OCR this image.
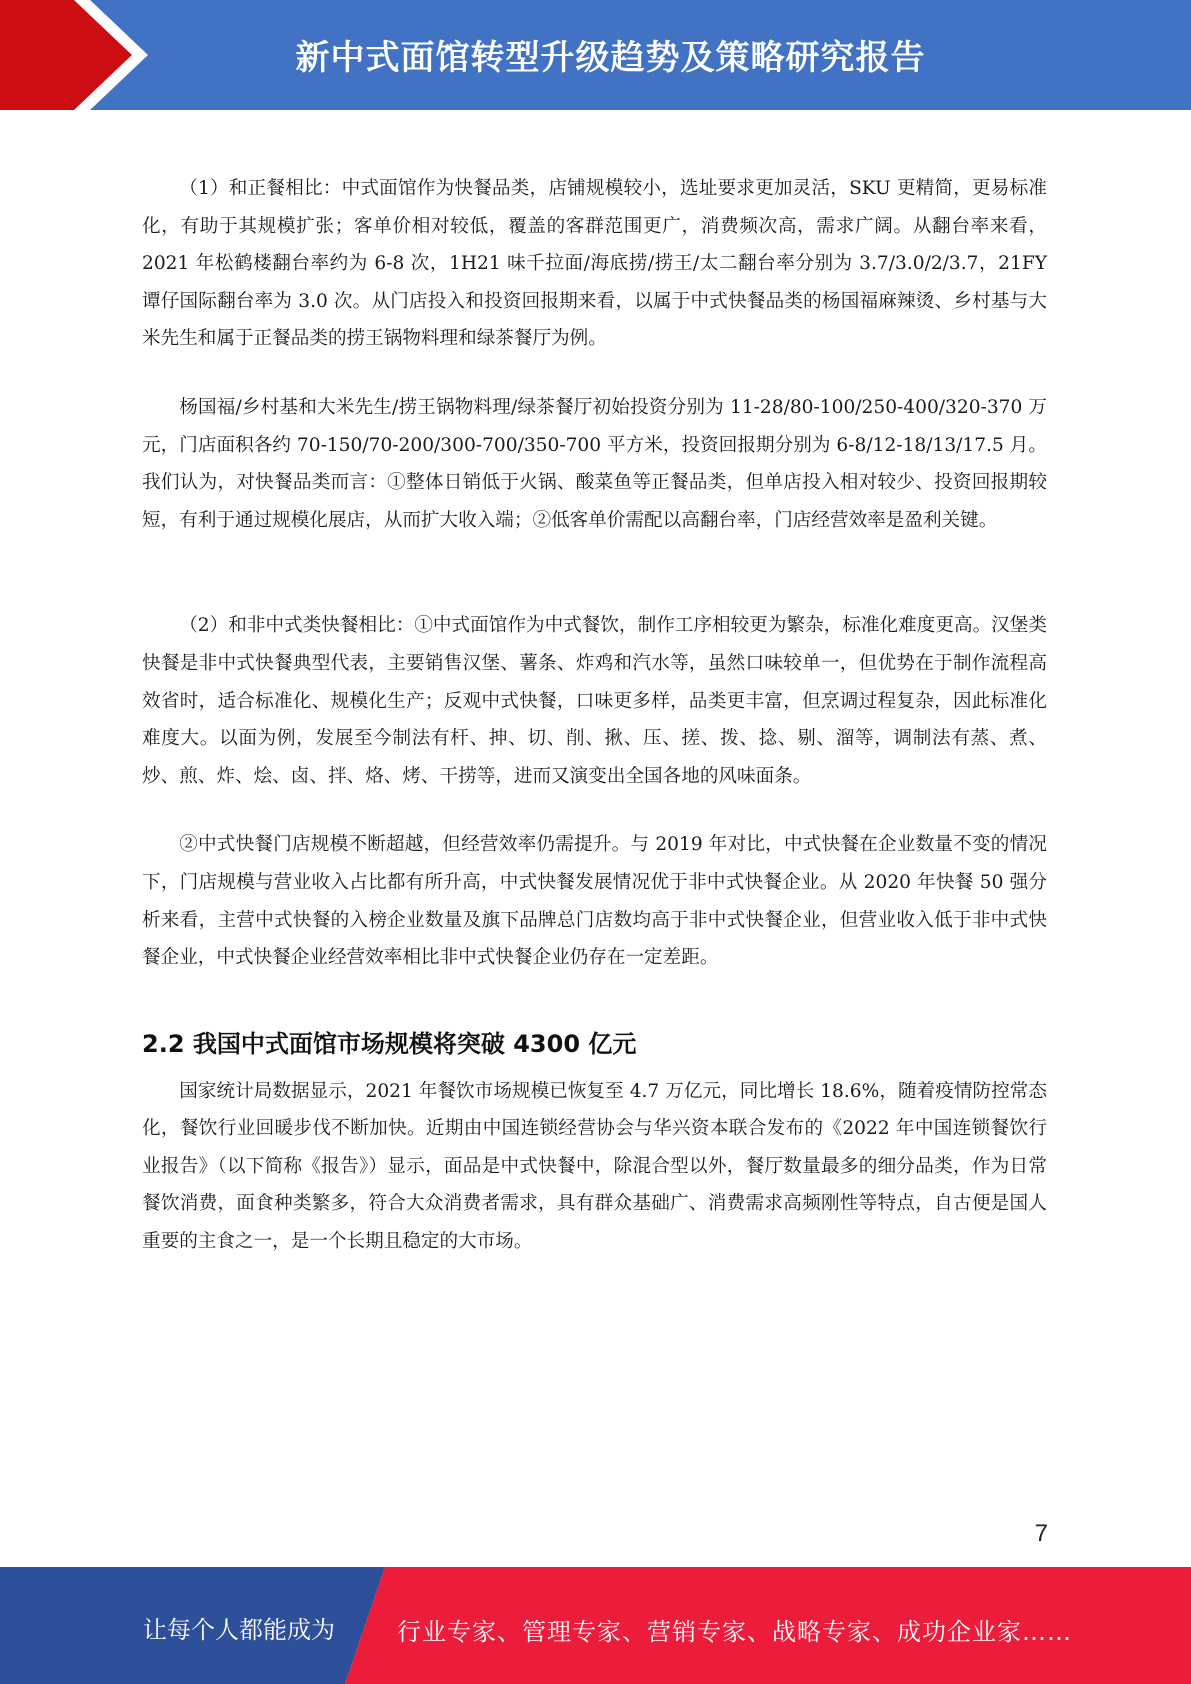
新中式面馆转型升级趋势及策略研究报告

（1）和正餐相比：中式面馆作为快餐品类，店铺规模较小，选址要求更加灵活，SKU 更精简，更易标准化，有助于其规模扩张；客单价相对较低，覆盖的客群范围更广，消费频次高，需求广阔。从翻台率来看，2021 年松鹤楼翻台率约为 6-8 次，1H21 味千拉面/海底捞/捞王/太二翻台率分别为 3.7/3.0/2/3.7，21FY 谭仔国际翻台率为 3.0 次。从门店投入和投资回报期来看，以属于中式快餐品类的杨国福麻辣烫、乡村基与大米先生和属于正餐品类的捞王锅物料理和绿茶餐厅为例。

杨国福/乡村基和大米先生/捞王锅物料理/绿茶餐厅初始投资分别为 11-28/80-100/250-400/320-370 万元，门店面积各约 70-150/70-200/300-700/350-700 平方米，投资回报期分别为 6-8/12-18/13/17.5 月。我们认为，对快餐品类而言：①整体日销低于火锅、酸菜鱼等正餐品类，但单店投入相对较少、投资回报期较短，有利于通过规模化展店，从而扩大收入端；②低客单价需配以高翻台率，门店经营效率是盈利关键。

（2）和非中式类快餐相比：①中式面馆作为中式餐饮，制作工序相较更为繁杂，标准化难度更高。汉堡类快餐是非中式快餐典型代表，主要销售汉堡、薯条、炸鸡和汽水等，虽然口味较单一，但优势在于制作流程高效省时，适合标准化、规模化生产；反观中式快餐，口味更多样，品类更丰富，但烹调过程复杂，因此标准化难度大。以面为例，发展至今制法有杆、抻、切、削、揪、压、搓、拨、捻、剔、溜等，调制法有蒸、煮、炒、煎、炸、烩、卤、拌、烙、烤、干捞等，进而又演变出全国各地的风味面条。

②中式快餐门店规模不断超越，但经营效率仍需提升。与 2019 年对比，中式快餐在企业数量不变的情况下，门店规模与营业收入占比都有所升高，中式快餐发展情况优于非中式快餐企业。从 2020 年快餐 50 强分析来看，主营中式快餐的入榜企业数量及旗下品牌总门店数均高于非中式快餐企业，但营业收入低于非中式快餐企业，中式快餐企业经营效率相比非中式快餐企业仍存在一定差距。

2.2 我国中式面馆市场规模将突破 4300 亿元

国家统计局数据显示，2021 年餐饮市场规模已恢复至 4.7 万亿元，同比增长 18.6%，随着疫情防控常态化，餐饮行业回暖步伐不断加快。近期由中国连锁经营协会与华兴资本联合发布的《2022 年中国连锁餐饮行业报告》（以下简称《报告》）显示，面品是中式快餐中，除混合型以外，餐厅数量最多的细分品类，作为日常餐饮消费，面食种类繁多，符合大众消费者需求，具有群众基础广、消费需求高频刚性等特点，自古便是国人重要的主食之一，是一个长期且稳定的大市场。

7
让每个人都能成为	行业专家、管理专家、营销专家、战略专家、成功企业家……
